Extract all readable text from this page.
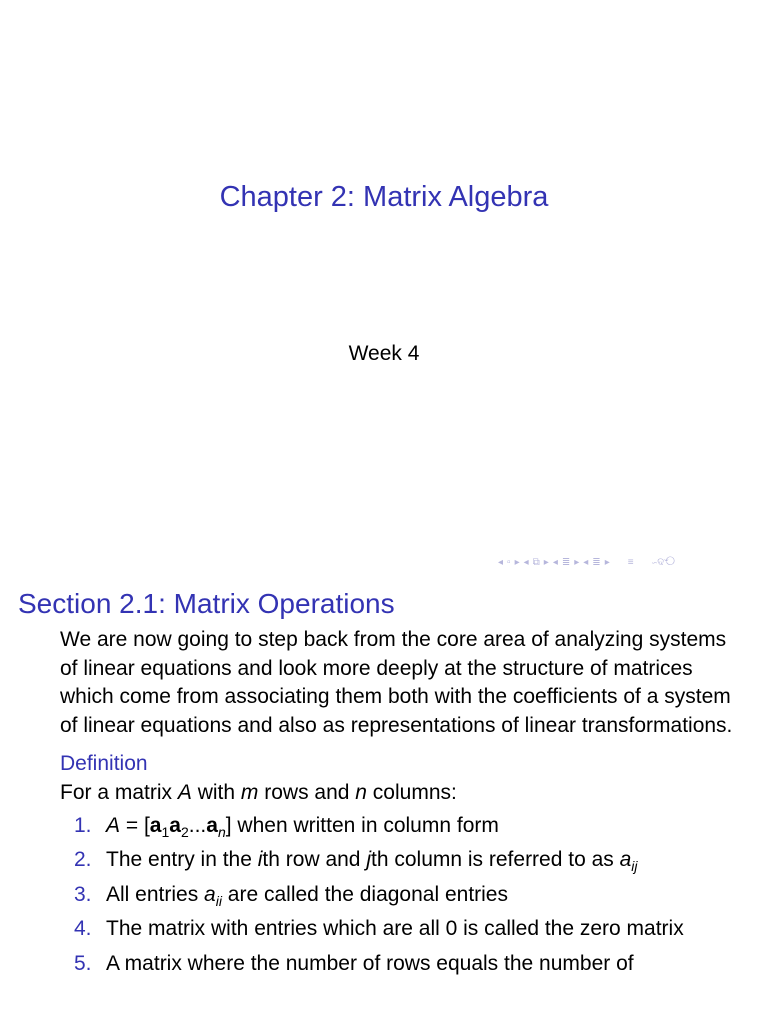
Chapter 2: Matrix Algebra
Week 4
◂ ▫ ▸ ◂ ⧉ ▸ ◂ ≣ ▸ ◂ ≣ ▸ ≡ ∽ଦ⟲
Section 2.1: Matrix Operations

We are now going to step back from the core area of analyzing systems of linear equations and look more deeply at the structure of matrices which come from associating them both with the coefficients of a system of linear equations and also as representations of linear transformations.

Definition

For a matrix A with m rows and n columns:

1. $A = [a_1a_2...a_n]$ when written in column form
2. The entry in the ith row and jth column is referred to as $a_{ij}$
3. All entries $a_{ii}$ are called the diagonal entries
4. The matrix with entries which are all 0 is called the zero matrix
5. A matrix where the number of rows equals the number of
